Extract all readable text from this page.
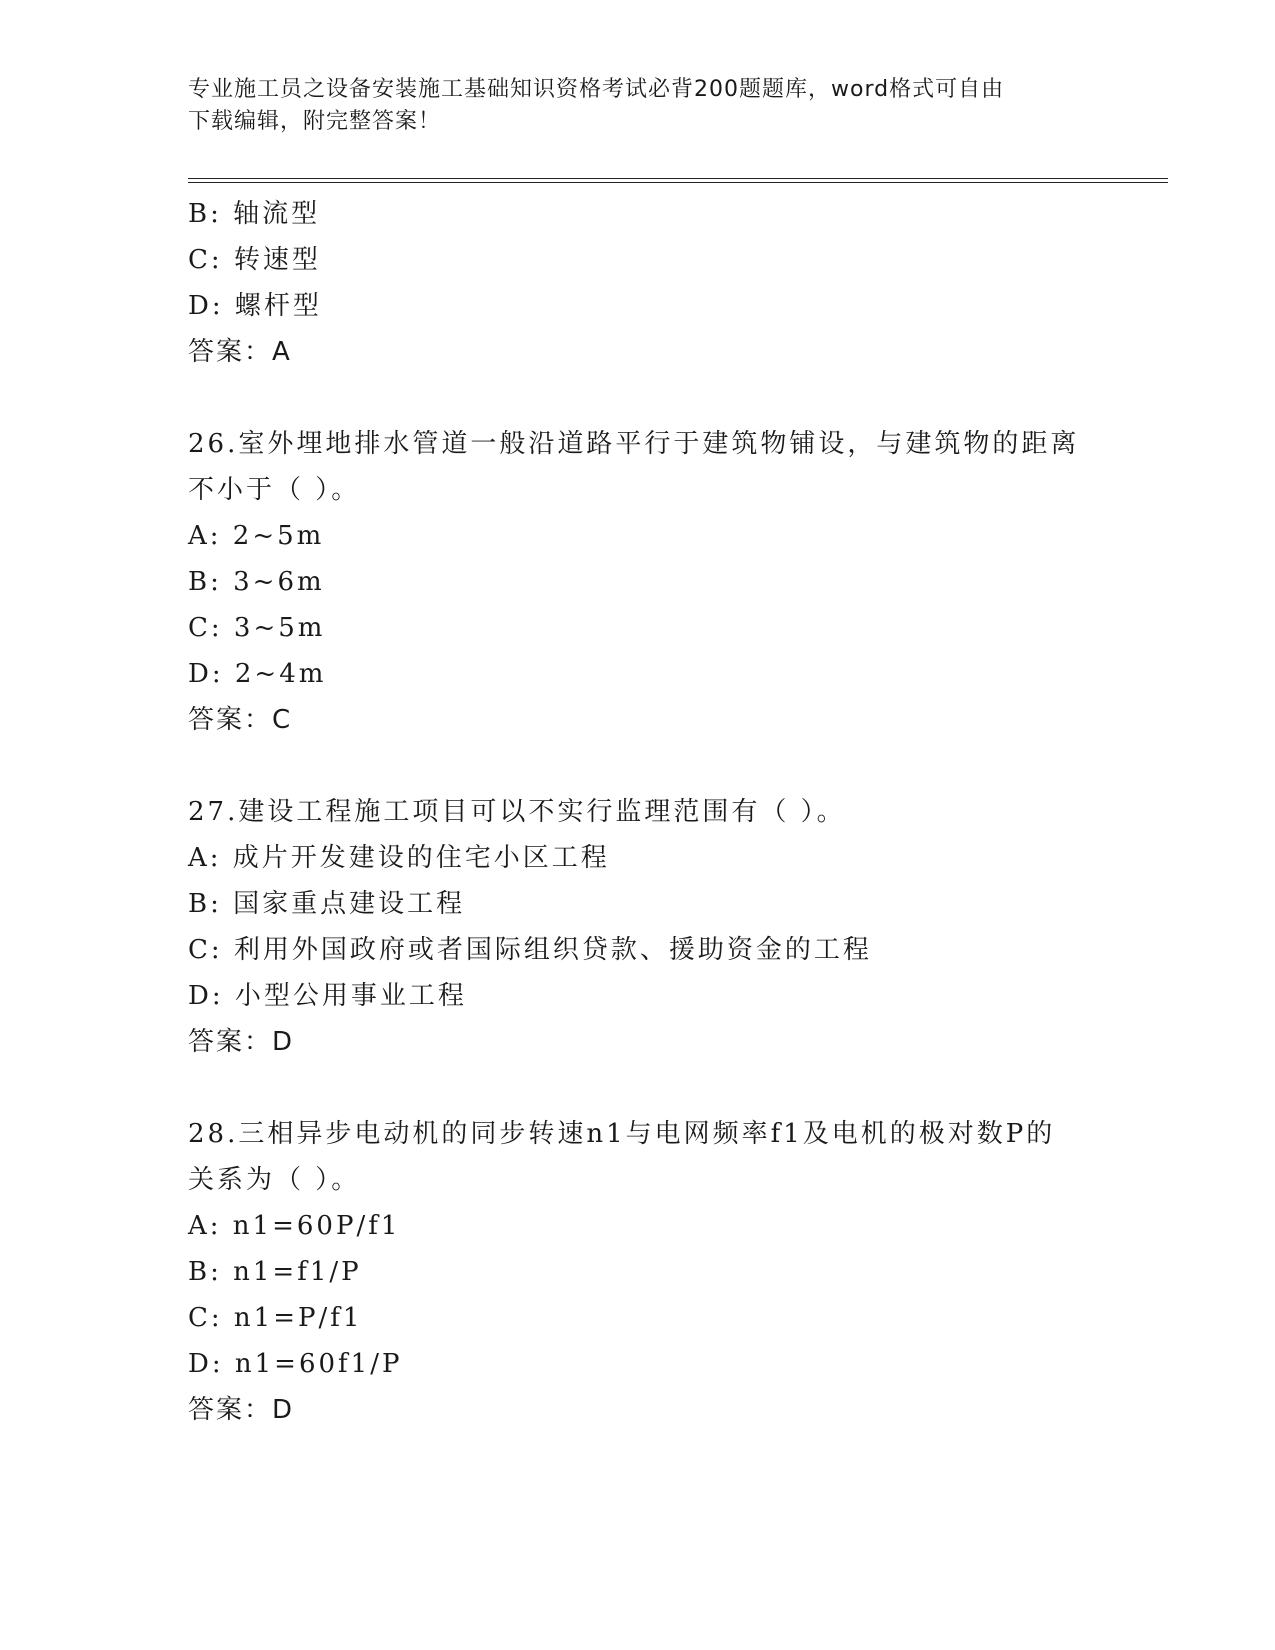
专业施工员之设备安装施工基础知识资格考试必背200题题库，word格式可自由
下载编辑，附完整答案！
B: 轴流型
C: 转速型
D: 螺杆型
答案：A
26.室外埋地排水管道一般沿道路平行于建筑物铺设，与建筑物的距离
不小于（ ）。
A: 2~5m
B: 3~6m
C: 3~5m
D: 2~4m
答案：C
27.建设工程施工项目可以不实行监理范围有（ ）。
A: 成片开发建设的住宅小区工程
B: 国家重点建设工程
C: 利用外国政府或者国际组织贷款、援助资金的工程
D: 小型公用事业工程
答案：D
28.三相异步电动机的同步转速n1与电网频率f1及电机的极对数P的
关系为（ ）。
A: n1=60P/f1
B: n1=f1/P
C: n1=P/f1
D: n1=60f1/P
答案：D
